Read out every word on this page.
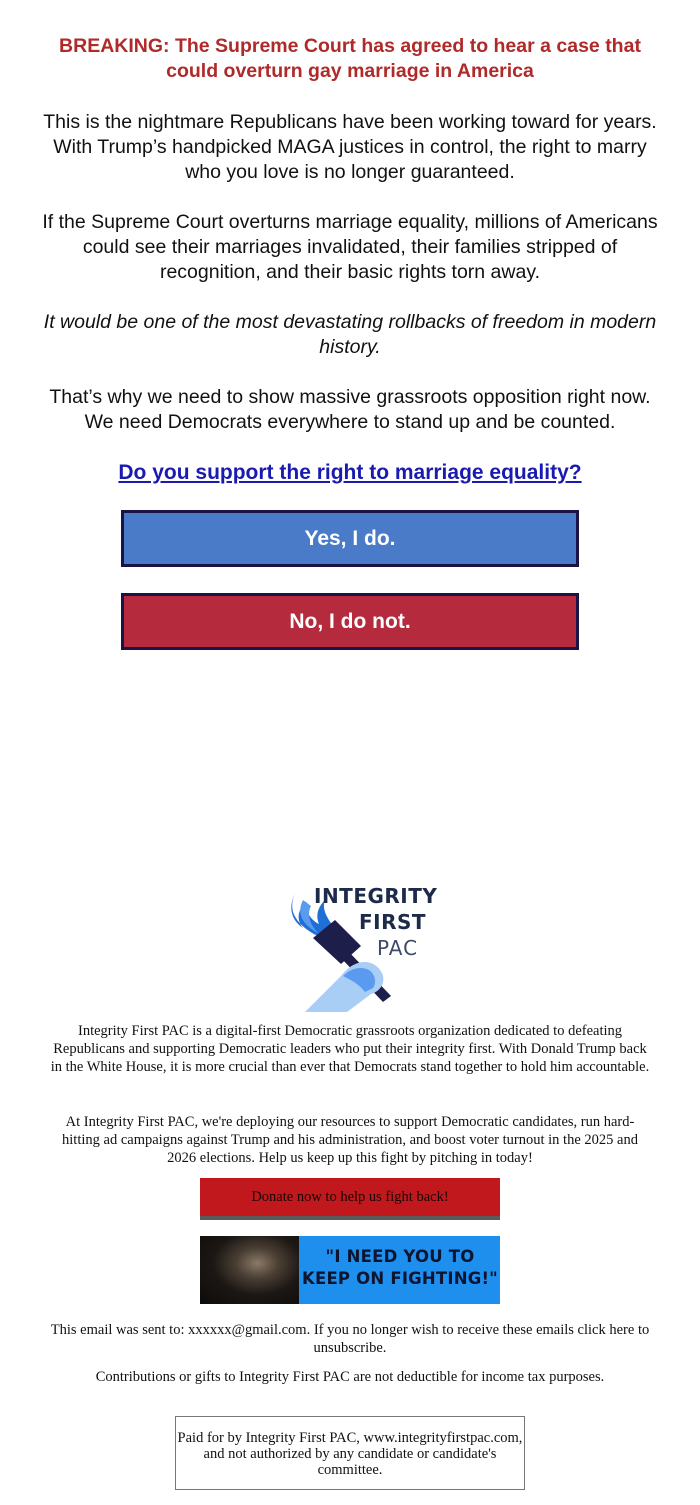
BREAKING: The Supreme Court has agreed to hear a case that could overturn gay marriage in America

This is the nightmare Republicans have been working toward for years. With Trump’s handpicked MAGA justices in control, the right to marry who you love is no longer guaranteed.

If the Supreme Court overturns marriage equality, millions of Americans could see their marriages invalidated, their families stripped of recognition, and their basic rights torn away.

It would be one of the most devastating rollbacks of freedom in modern history.

That’s why we need to show massive grassroots opposition right now. We need Democrats everywhere to stand up and be counted.

Do you support the right to marriage equality?
Yes, I do.
No, I do not.
INTEGRITY
FIRST
PAC

Integrity First PAC is a digital-first Democratic grassroots organization dedicated to defeating Republicans and supporting Democratic leaders who put their integrity first. With Donald Trump back in the White House, it is more crucial than ever that Democrats stand together to hold him accountable.

At Integrity First PAC, we're deploying our resources to support Democratic candidates, run hard-hitting ad campaigns against Trump and his administration, and boost voter turnout in the 2025 and 2026 elections. Help us keep up this fight by pitching in today!

Donate now to help us fight back!
"I NEED YOU TO KEEP ON FIGHTING!"

This email was sent to: xxxxxx@gmail.com. If you no longer wish to receive these emails click here to unsubscribe.

Contributions or gifts to Integrity First PAC are not deductible for income tax purposes.

Paid for by Integrity First PAC, www.integrityfirstpac.com, and not authorized by any candidate or candidate's committee.
